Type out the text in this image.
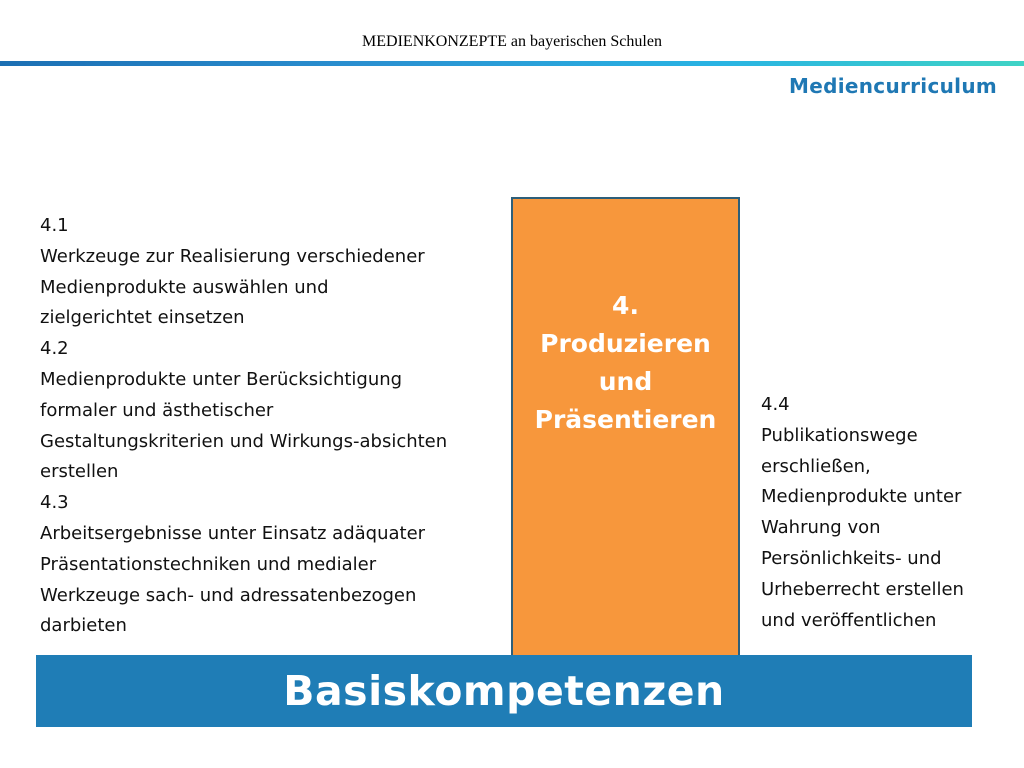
MEDIENKONZEPTE an bayerischen Schulen
Mediencurriculum

4.1

Werkzeuge zur Realisierung verschiedener

Medienprodukte auswählen und

zielgerichtet einsetzen

4.2

Medienprodukte unter Berücksichtigung

formaler und ästhetischer

Gestaltungskriterien und Wirkungs-absichten

erstellen

4.3

Arbeitsergebnisse unter Einsatz adäquater

Präsentationstechniken und medialer

Werkzeuge sach- und adressatenbezogen

darbieten

4.
Produzieren
und
Präsentieren

4.4

Publikationswege

erschließen,

Medienprodukte unter

Wahrung von

Persönlichkeits- und

Urheberrecht erstellen

und veröffentlichen

Basiskompetenzen
